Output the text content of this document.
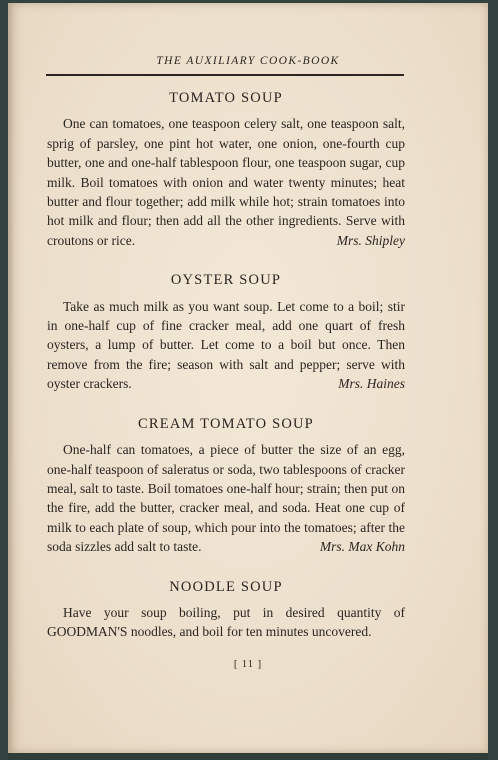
THE AUXILIARY COOK-BOOK
TOMATO SOUP

One can tomatoes, one teaspoon celery salt, one teaspoon salt, sprig of parsley, one pint hot water, one onion, one-fourth cup butter, one and one-half tablespoon flour, one teaspoon sugar, cup milk. Boil tomatoes with onion and water twenty minutes; heat butter and flour together; add milk while hot; strain tomatoes into hot milk and flour; then add all the other ingredients. Serve with croutons or rice.	Mrs. Shipley

OYSTER SOUP

Take as much milk as you want soup. Let come to a boil; stir in one-half cup of fine cracker meal, add one quart of fresh oysters, a lump of butter. Let come to a boil but once. Then remove from the fire; season with salt and pepper; serve with oyster crackers.	Mrs. Haines

CREAM TOMATO SOUP

One-half can tomatoes, a piece of butter the size of an egg, one-half teaspoon of saleratus or soda, two tablespoons of cracker meal, salt to taste. Boil tomatoes one-half hour; strain; then put on the fire, add the butter, cracker meal, and soda. Heat one cup of milk to each plate of soup, which pour into the tomatoes; after the soda sizzles add salt to taste.	Mrs. Max Kohn

NOODLE SOUP

Have your soup boiling, put in desired quantity of GOODMAN'S noodles, and boil for ten minutes uncovered.

[ 11 ]
